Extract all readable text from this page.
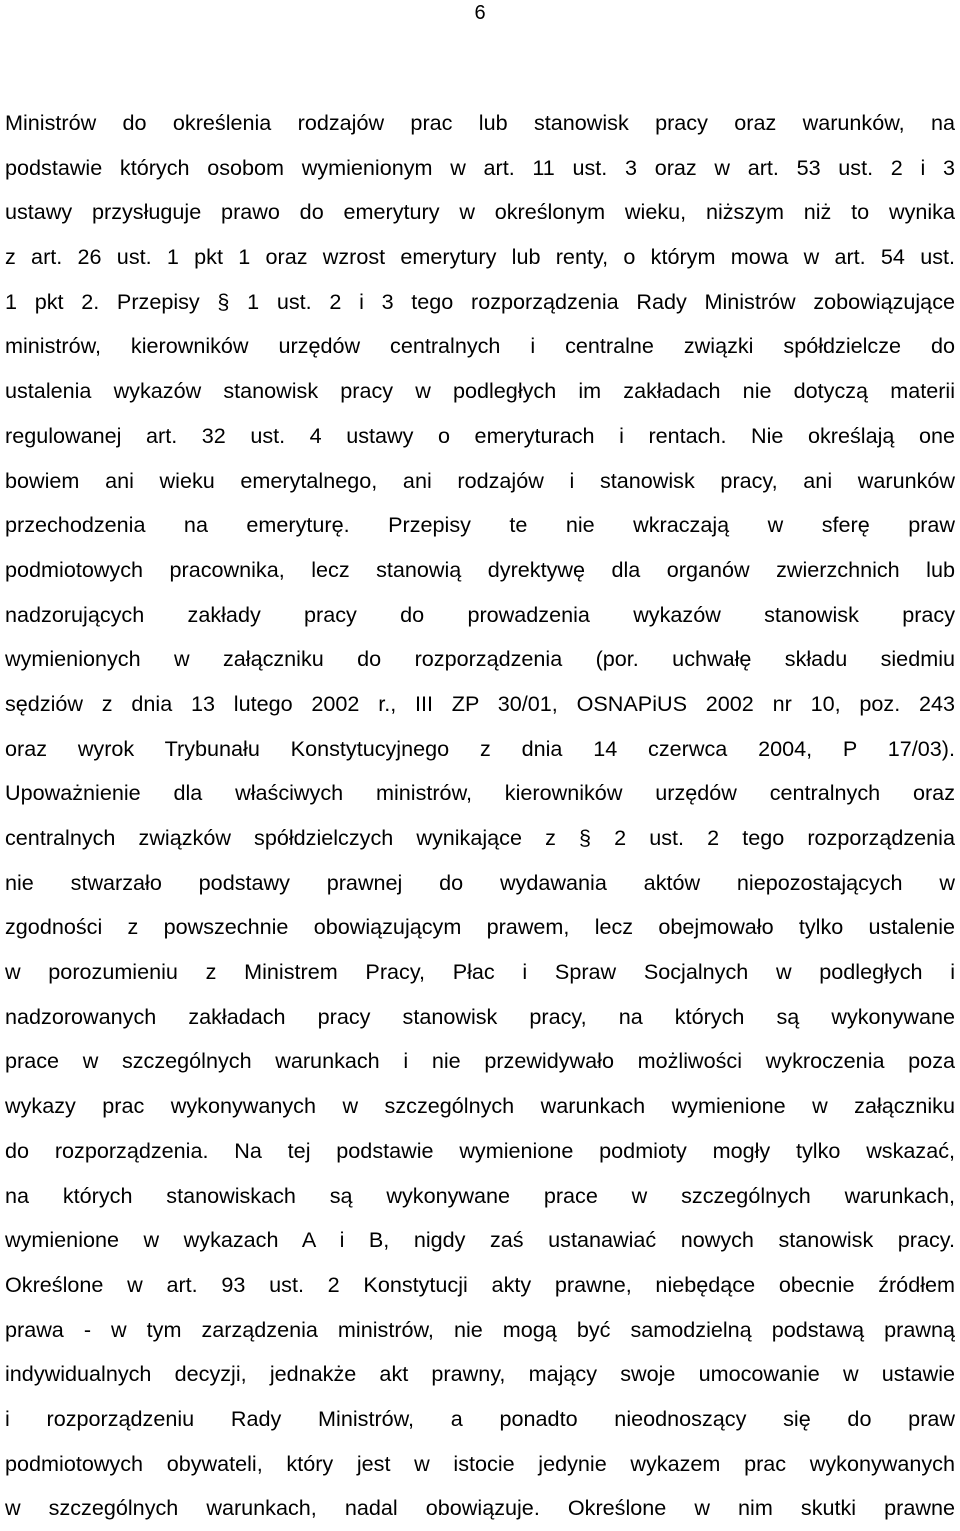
6
Ministrów do określenia rodzajów prac lub stanowisk pracy oraz warunków, na
podstawie których osobom wymienionym w art. 11 ust. 3 oraz w art. 53 ust. 2 i 3
ustawy przysługuje prawo do emerytury w określonym wieku, niższym niż to wynika
z art. 26 ust. 1 pkt 1 oraz wzrost emerytury lub renty, o którym mowa w art. 54 ust.
1 pkt 2. Przepisy § 1 ust. 2 i 3 tego rozporządzenia Rady Ministrów zobowiązujące
ministrów, kierowników urzędów centralnych i centralne związki spółdzielcze do
ustalenia wykazów stanowisk pracy w podległych im zakładach nie dotyczą materii
regulowanej art. 32 ust. 4 ustawy o emeryturach i rentach. Nie określają one
bowiem ani wieku emerytalnego, ani rodzajów i stanowisk pracy, ani warunków
przechodzenia na emeryturę. Przepisy te nie wkraczają w sferę praw
podmiotowych pracownika, lecz stanowią dyrektywę dla organów zwierzchnich lub
nadzorujących zakłady pracy do prowadzenia wykazów stanowisk pracy
wymienionych w załączniku do rozporządzenia (por. uchwałę składu siedmiu
sędziów z dnia 13 lutego 2002 r., III ZP 30/01, OSNAPiUS 2002 nr 10, poz. 243
oraz wyrok Trybunału Konstytucyjnego z dnia 14 czerwca 2004, P 17/03).
Upoważnienie dla właściwych ministrów, kierowników urzędów centralnych oraz
centralnych związków spółdzielczych wynikające z § 2 ust. 2 tego rozporządzenia
nie stwarzało podstawy prawnej do wydawania aktów niepozostających w
zgodności z powszechnie obowiązującym prawem, lecz obejmowało tylko ustalenie
w porozumieniu z Ministrem Pracy, Płac i Spraw Socjalnych w podległych i
nadzorowanych zakładach pracy stanowisk pracy, na których są wykonywane
prace w szczególnych warunkach i nie przewidywało możliwości wykroczenia poza
wykazy prac wykonywanych w szczególnych warunkach wymienione w załączniku
do rozporządzenia. Na tej podstawie wymienione podmioty mogły tylko wskazać,
na których stanowiskach są wykonywane prace w szczególnych warunkach,
wymienione w wykazach A i B, nigdy zaś ustanawiać nowych stanowisk pracy.
Określone w art. 93 ust. 2 Konstytucji akty prawne, niebędące obecnie źródłem
prawa - w tym zarządzenia ministrów, nie mogą być samodzielną podstawą prawną
indywidualnych decyzji, jednakże akt prawny, mający swoje umocowanie w ustawie
i rozporządzeniu Rady Ministrów, a ponadto nieodnoszący się do praw
podmiotowych obywateli, który jest w istocie jedynie wykazem prac wykonywanych
w szczególnych warunkach, nadal obowiązuje. Określone w nim skutki prawne
